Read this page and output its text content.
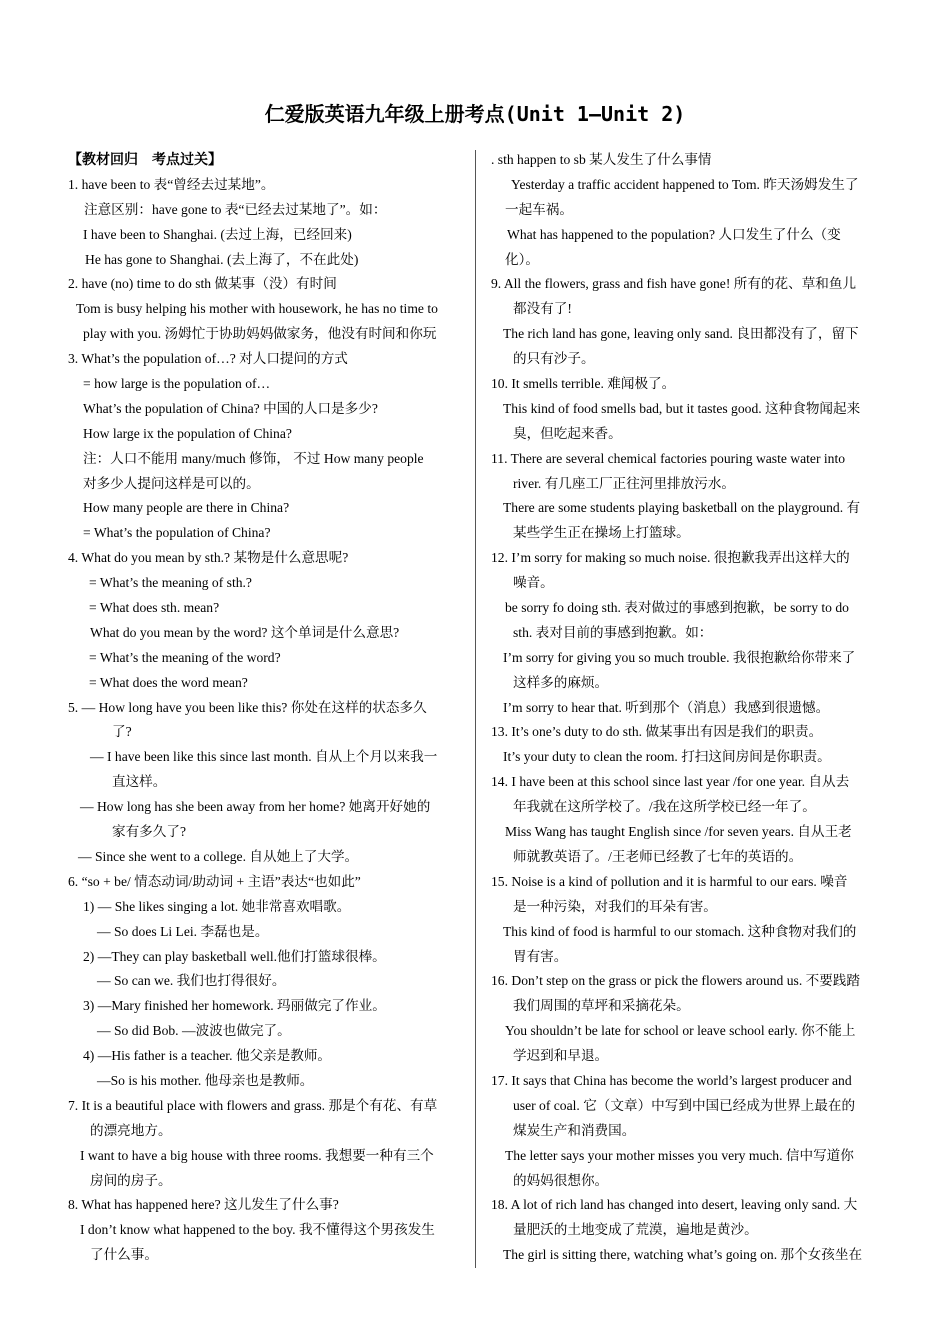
仁爱版英语九年级上册考点(Unit 1—Unit 2)
【教材回归　考点过关】
1. have been to 表“曾经去过某地”。
注意区别：have gone to 表“已经去过某地了”。如：
I have been to Shanghai. (去过上海，已经回来)
He has gone to Shanghai. (去上海了，不在此处)
2. have (no) time to do sth 做某事（没）有时间
Tom is busy helping his mother with housework, he has no time to
play with you. 汤姆忙于协助妈妈做家务，他没有时间和你玩
3. What’s the population of…? 对人口提问的方式
= how large is the population of…
What’s the population of China? 中国的人口是多少?
How large ix the population of China?
注：人口不能用 many/much 修饰， 不过 How many people
对多少人提问这样是可以的。
How many people are there in China?
= What’s the population of China?
4. What do you mean by sth.? 某物是什么意思呢?
= What’s the meaning of sth.?
= What does sth. mean?
What do you mean by the word? 这个单词是什么意思?
= What’s the meaning of the word?
= What does the word mean?
5. — How long have you been like this? 你处在这样的状态多久
了?
— I have been like this since last month. 自从上个月以来我一
直这样。
— How long has she been away from her home? 她离开好她的
家有多久了?
— Since she went to a college. 自从她上了大学。
6. “so + be/ 情态动词/助动词 + 主语”表达“也如此”
1) — She likes singing a lot. 她非常喜欢唱歌。
— So does Li Lei. 李磊也是。
2) —They can play basketball well.他们打篮球很棒。
— So can we. 我们也打得很好。
3) —Mary finished her homework. 玛丽做完了作业。
— So did Bob. —波波也做完了。
4) —His father is a teacher. 他父亲是教师。
—So is his mother. 他母亲也是教师。
7. It is a beautiful place with flowers and grass. 那是个有花、有草
的漂亮地方。
I want to have a big house with three rooms. 我想要一种有三个
房间的房子。
8. What has happened here? 这儿发生了什么事?
I don’t know what happened to the boy. 我不懂得这个男孩发生
了什么事。
. sth happen to sb 某人发生了什么事情
Yesterday a traffic accident happened to Tom. 昨天汤姆发生了
一起车祸。
What has happened to the population? 人口发生了什么（变
化）。
9. All the flowers, grass and fish have gone! 所有的花、草和鱼儿
都没有了!
The rich land has gone, leaving only sand. 良田都没有了，留下
的只有沙子。
10. It smells terrible. 难闻极了。
This kind of food smells bad, but it tastes good. 这种食物闻起来
臭，但吃起来香。
11. There are several chemical factories pouring waste water into
river. 有几座工厂正往河里排放污水。
There are some students playing basketball on the playground. 有
某些学生正在操场上打篮球。
12. I’m sorry for making so much noise. 很抱歉我弄出这样大的
噪音。
be sorry fo doing sth. 表对做过的事感到抱歉，be sorry to do
sth. 表对目前的事感到抱歉。如：
I’m sorry for giving you so much trouble. 我很抱歉给你带来了
这样多的麻烦。
I’m sorry to hear that. 听到那个（消息）我感到很遗憾。
13. It’s one’s duty to do sth. 做某事出有因是我们的职责。
It’s your duty to clean the room. 打扫这间房间是你职责。
14. I have been at this school since last year /for one year. 自从去
年我就在这所学校了。/我在这所学校已经一年了。
Miss Wang has taught English since /for seven years. 自从王老
师就教英语了。/王老师已经教了七年的英语的。
15. Noise is a kind of pollution and it is harmful to our ears. 噪音
是一种污染，对我们的耳朵有害。
This kind of food is harmful to our stomach. 这种食物对我们的
胃有害。
16. Don’t step on the grass or pick the flowers around us. 不要践踏
我们周围的草坪和采摘花朵。
You shouldn’t be late for school or leave school early. 你不能上
学迟到和早退。
17. It says that China has become the world’s largest producer and
user of coal. 它（文章）中写到中国已经成为世界上最在的
煤炭生产和消费国。
The letter says your mother misses you very much. 信中写道你
的妈妈很想你。
18. A lot of rich land has changed into desert, leaving only sand. 大
量肥沃的土地变成了荒漠，遍地是黄沙。
The girl is sitting there, watching what’s going on. 那个女孩坐在
